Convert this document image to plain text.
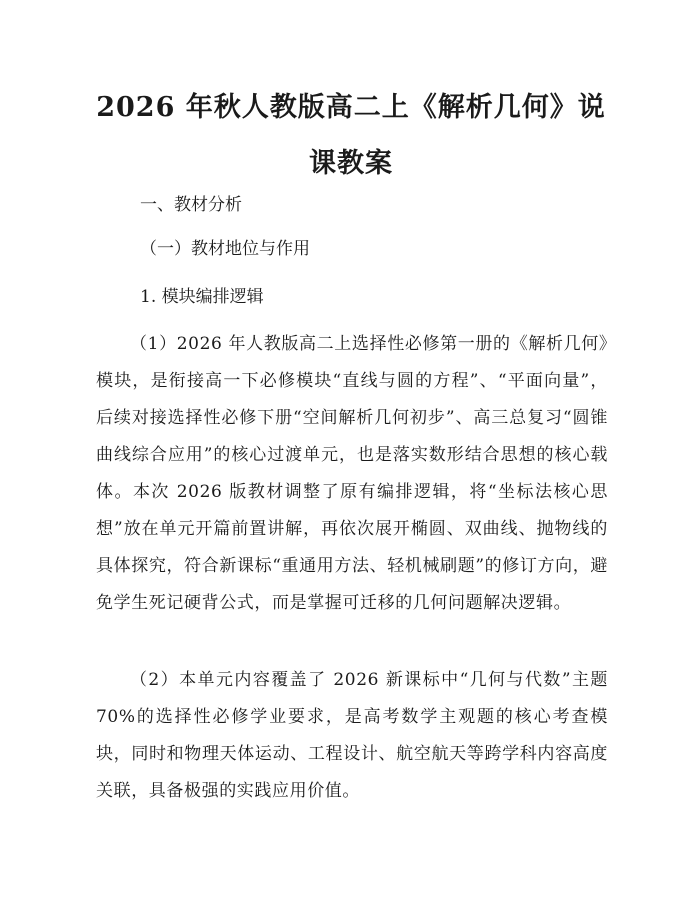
2026 年秋人教版高二上《解析几何》说课教案

一、教材分析

（一）教材地位与作用

1. 模块编排逻辑

（1）2026 年人教版高二上选择性必修第一册的《解析几何》模块，是衔接高一下必修模块“直线与圆的方程”、“平面向量”，后续对接选择性必修下册“空间解析几何初步”、高三总复习“圆锥曲线综合应用”的核心过渡单元，也是落实数形结合思想的核心载体。本次 2026 版教材调整了原有编排逻辑，将“坐标法核心思想”放在单元开篇前置讲解，再依次展开椭圆、双曲线、抛物线的具体探究，符合新课标“重通用方法、轻机械刷题”的修订方向，避免学生死记硬背公式，而是掌握可迁移的几何问题解决逻辑。

（2）本单元内容覆盖了 2026 新课标中“几何与代数”主题 70%的选择性必修学业要求，是高考数学主观题的核心考查模块，同时和物理天体运动、工程设计、航空航天等跨学科内容高度关联，具备极强的实践应用价值。
